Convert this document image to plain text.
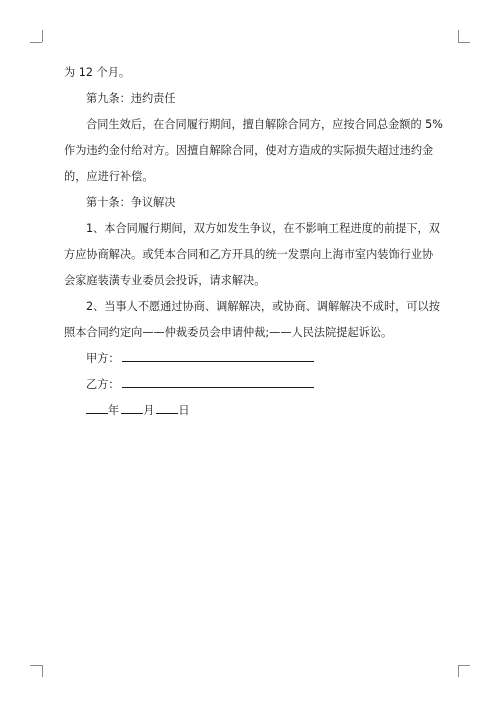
为 12 个月。

第九条：违约责任

合同生效后，在合同履行期间，擅自解除合同方，应按合同总金额的 5%作为违约金付给对方。因擅自解除合同，使对方造成的实际损失超过违约金的，应进行补偿。

第十条：争议解决

1、本合同履行期间，双方如发生争议，在不影响工程进度的前提下，双方应协商解决。或凭本合同和乙方开具的统一发票向上海市室内装饰行业协会家庭装潢专业委员会投诉，请求解决。

2、当事人不愿通过协商、调解解决，或协商、调解解决不成时，可以按照本合同约定向——仲裁委员会申请仲裁;——人民法院提起诉讼。

甲方：

乙方：

年 月 日
